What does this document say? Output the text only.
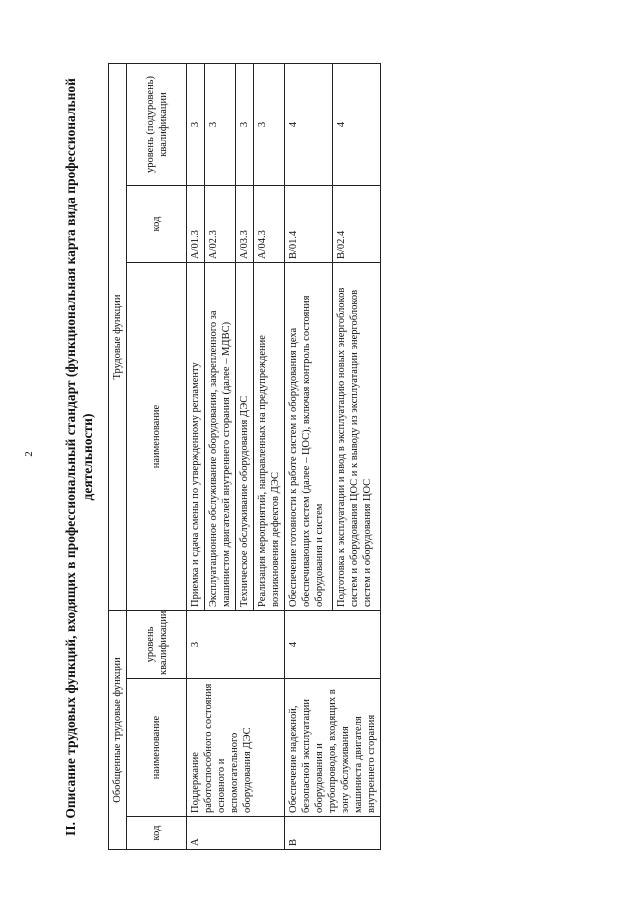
2 II. Описание трудовых функций, входящих в профессиональный стандарт (функциональная карта вида профессиональной деятельности)
Обобщенные трудовые функции			Трудовые функции		
код	наименование	уровень квалификации	наименование	код	уровень (подуровень) квалификации
A	Поддержание работоспособного состояния основного и вспомогательного оборудования ДЭС	3	Приемка и сдача смены по утвержденному регламенту	A/01.3	3
			Эксплуатационное обслуживание оборудования, закрепленного за машинистом двигателей внутреннего сгорания (далее – МДВС)	A/02.3	3
			Техническое обслуживание оборудования ДЭС	A/03.3	3
			Реализация мероприятий, направленных на предупреждение возникновения дефектов ДЭС	A/04.3	3
B	Обеспечение надежной, безопасной эксплуатации оборудования и трубопроводов, входящих в зону обслуживания машиниста двигателя внутреннего сгорания	4	Обеспечение готовности к работе систем и оборудования цеха обеспечивающих систем (далее – ЦОС), включая контроль состояния оборудования и систем	B/01.4	4
			Подготовка к эксплуатации и ввод в эксплуатацию новых энергоблоков систем и оборудования ЦОС и к выводу из эксплуатации энергоблоков систем и оборудования ЦОС	B/02.4	4
